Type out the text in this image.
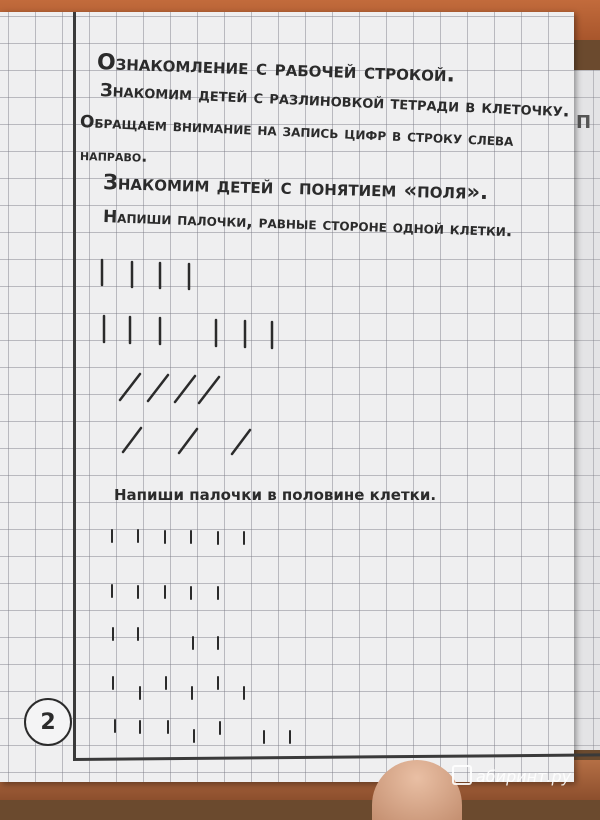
П
Ознакомление с рабочей строкой.
Знакомим детей с разлиновкой тетради в клеточку.
Обращаем внимание на запись цифр в строку слева
направо.
Знакомим детей с понятием «поля».
Напиши палочки, равные стороне одной клетки.
Напиши палочки в половине клетки.
2
абиринт.ру
